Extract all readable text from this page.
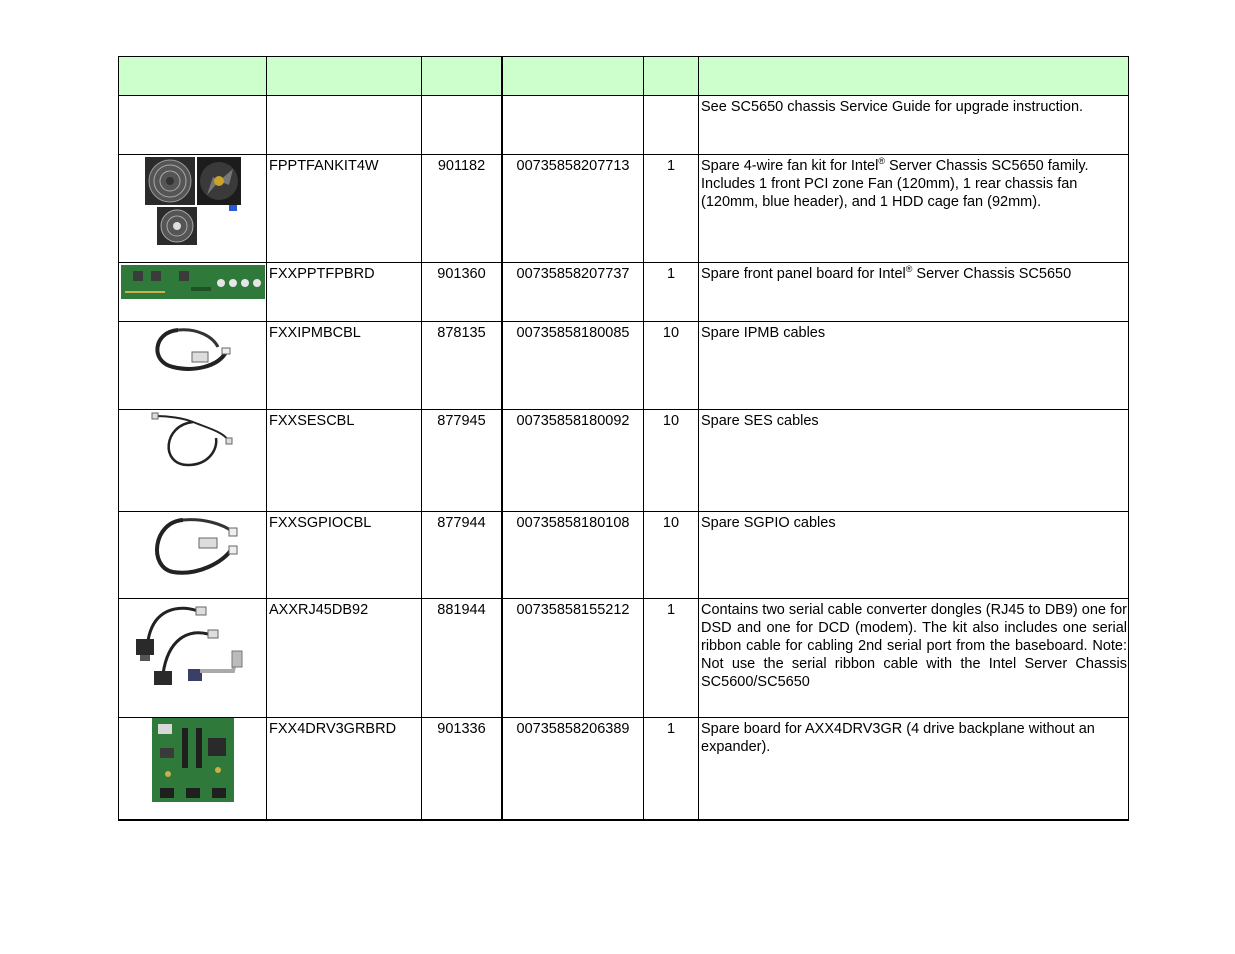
					See SC5650 chassis Service Guide for upgrade instruction.

FPPTFANKIT4W	901182	00735858207713	1	Spare 4-wire fan kit for Intel® Server Chassis SC5650 family. Includes 1 front PCI zone Fan (120mm), 1 rear chassis fan (120mm, blue header), and 1 HDD cage fan (92mm).

FXXPPTFPBRD	901360	00735858207737	1	Spare front panel board for Intel® Server Chassis SC5650

FXXIPMBCBL	878135	00735858180085	10	Spare IPMB cables

FXXSESCBL	877945	00735858180092	10	Spare SES cables

FXXSGPIOCBL	877944	00735858180108	10	Spare SGPIO cables

AXXRJ45DB92	881944	00735858155212	1	Contains two serial cable converter dongles (RJ45 to DB9) one for DSD and one for DCD (modem). The kit also includes one serial ribbon cable for cabling 2nd serial port from the baseboard. Note: Not use the serial ribbon cable with the Intel Server Chassis SC5600/SC5650

FXX4DRV3GRBRD	901336	00735858206389	1	Spare board for AXX4DRV3GR (4 drive backplane without an expander).
